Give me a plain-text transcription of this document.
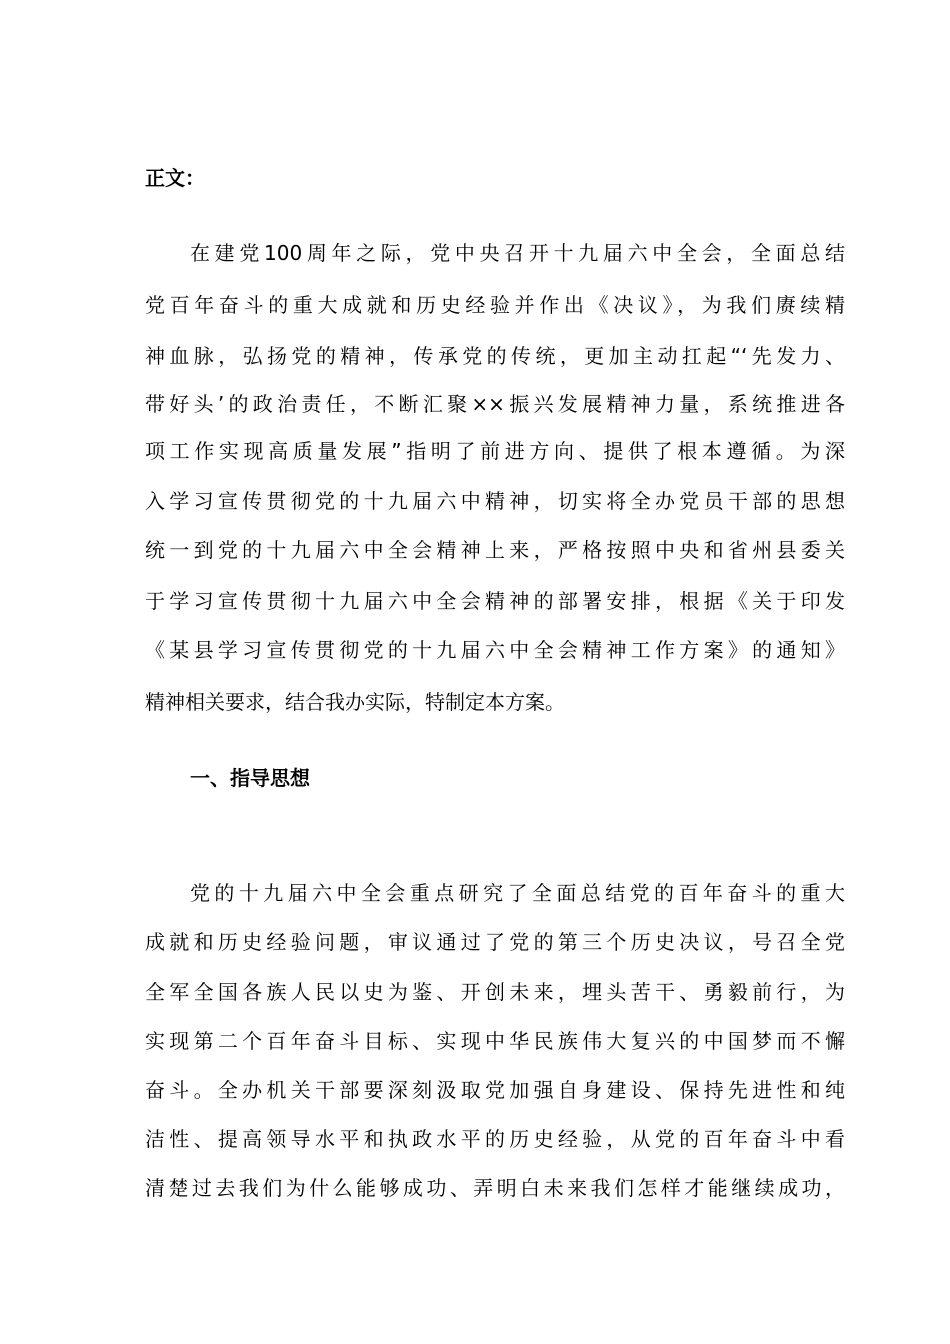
正文：
在建党100周年之际，党中央召开十九届六中全会，全面总结
党百年奋斗的重大成就和历史经验并作出《决议》，为我们赓续精
神血脉，弘扬党的精神，传承党的传统，更加主动扛起“‘先发力、
带好头’的政治责任，不断汇聚××振兴发展精神力量，系统推进各
项工作实现高质量发展”指明了前进方向、提供了根本遵循。为深
入学习宣传贯彻党的十九届六中精神，切实将全办党员干部的思想
统一到党的十九届六中全会精神上来，严格按照中央和省州县委关
于学习宣传贯彻十九届六中全会精神的部署安排，根据《关于印发
《某县学习宣传贯彻党的十九届六中全会精神工作方案》的通知》
精神相关要求，结合我办实际，特制定本方案。
一、指导思想
党的十九届六中全会重点研究了全面总结党的百年奋斗的重大
成就和历史经验问题，审议通过了党的第三个历史决议，号召全党
全军全国各族人民以史为鉴、开创未来，埋头苦干、勇毅前行，为
实现第二个百年奋斗目标、实现中华民族伟大复兴的中国梦而不懈
奋斗。全办机关干部要深刻汲取党加强自身建设、保持先进性和纯
洁性、提高领导水平和执政水平的历史经验，从党的百年奋斗中看
清楚过去我们为什么能够成功、弄明白未来我们怎样才能继续成功，
